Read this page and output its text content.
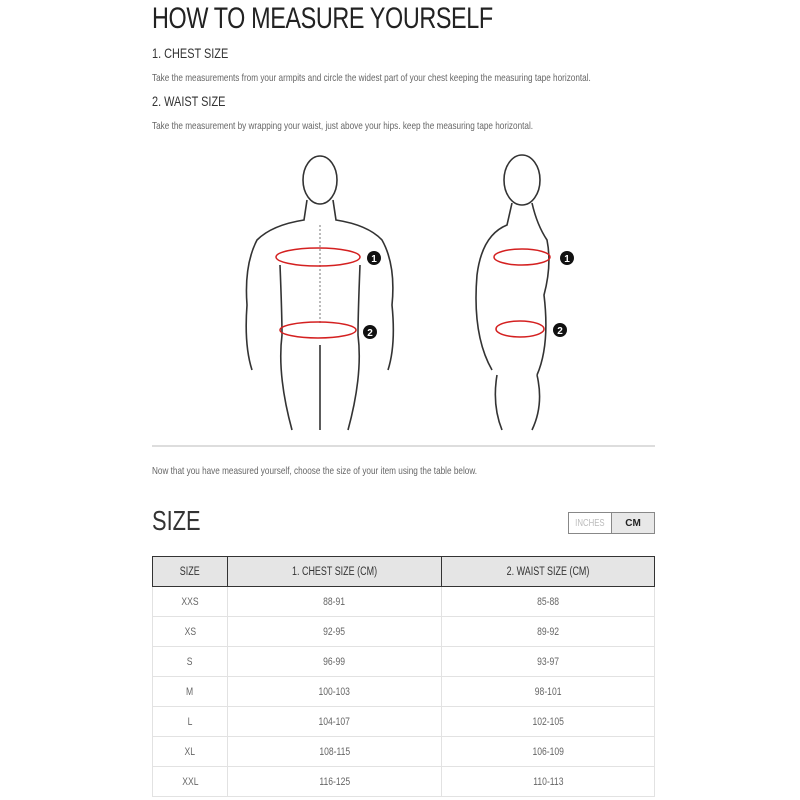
HOW TO MEASURE YOURSELF
1. CHEST SIZE
Take the measurements from your armpits and circle the widest part of your chest keeping the measuring tape horizontal.
2. WAIST SIZE
Take the measurement by wrapping your waist, just above your hips. keep the measuring tape horizontal.
1	1
2	2
Now that you have measured yourself, choose the size of your item using the table below.
SIZE	INCHES CM
SIZE	1. CHEST SIZE (CM)	2. WAIST SIZE (CM)
XXS	88-91	85-88
XS	92-95	89-92
S	96-99	93-97
M	100-103	98-101
L	104-107	102-105
XL	108-115	106-109
XXL	116-125	110-113
